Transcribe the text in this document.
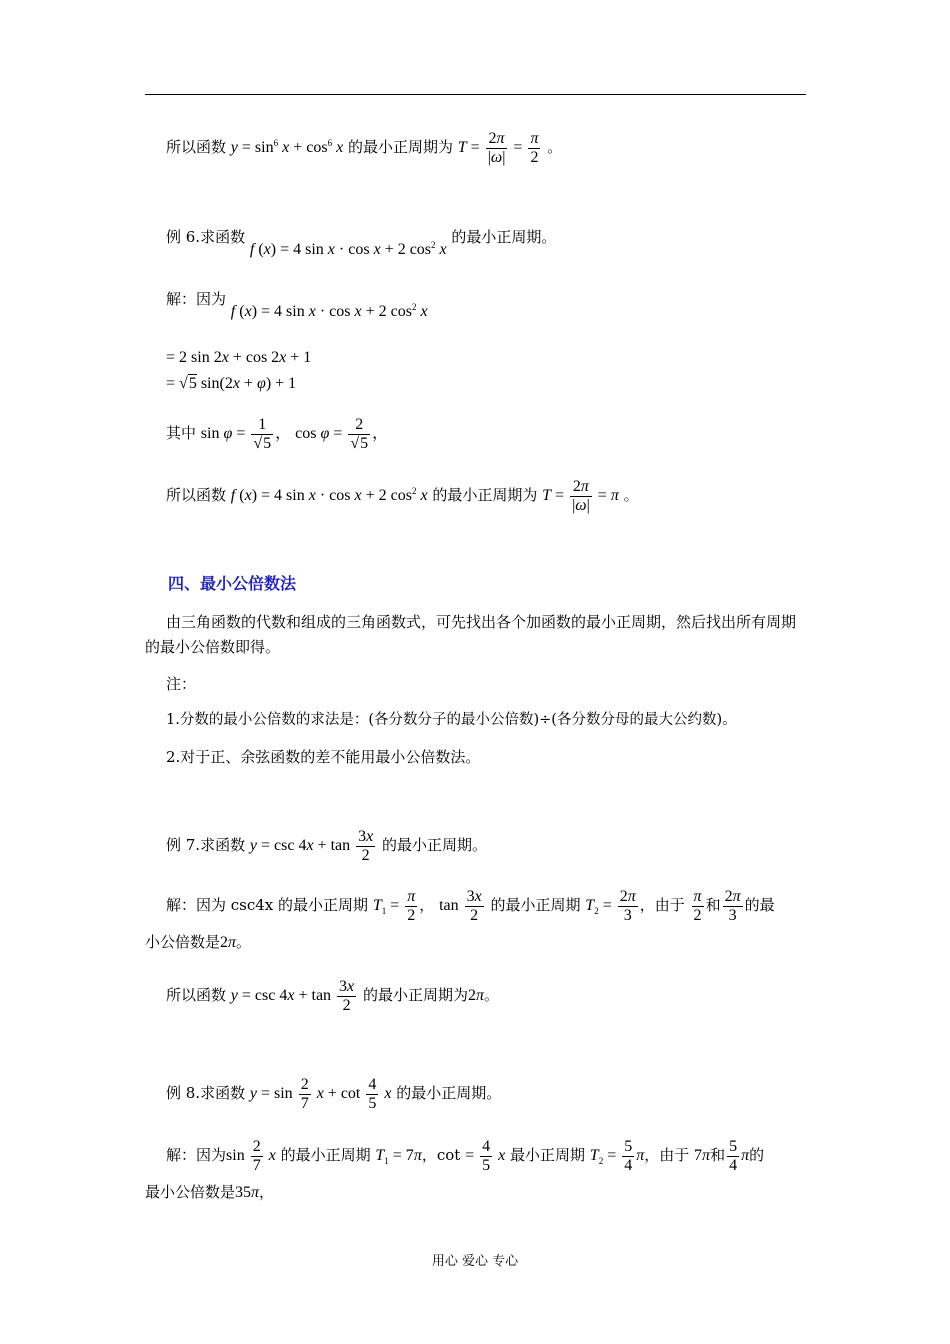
所以函数 $y = \sin^6 x + \cos^6 x$ 的最小正周期为 $T = \frac{2\pi}{|\omega|} = \frac{\pi}{2}$ 。
例 6.求函数 f (x) = 4 sin x · cos x + 2 $\cos^2 x$ 的最小正周期。
解：因为 f (x) = 4 sin x · cos x + 2 $\cos^2 x$
= 2 sin 2x + cos 2x + 1
= √5 sin(2x + φ) + 1
其中 $\sin \varphi = \frac{1}{√5}$ ， $\cos \varphi = \frac{2}{√5}$ ，
所以函数 f (x) = 4 sin x · cos x + 2 $\cos^2 x$ 的最小正周期为 $T = \frac{2\pi}{|\omega|} = \pi$ 。
四、最小公倍数法
由三角函数的代数和组成的三角函数式，可先找出各个加函数的最小正周期，然后找出所有周期的最小公倍数即得。
注：
1.分数的最小公倍数的求法是：(各分数分子的最小公倍数)÷(各分数分母的最大公约数)。
2.对于正、余弦函数的差不能用最小公倍数法。
例 7.求函数 $y = \csc 4x + \tan \frac{3x}{2}$ 的最小正周期。
解：因为 csc4x 的最小正周期 $T_1 = \frac{\pi}{2}$ ， $\tan \frac{3x}{2}$ 的最小正周期 $T_2 = \frac{2\pi}{3}$ ，由于 $\frac{\pi}{2}$ 和 $\frac{2\pi}{3}$ 的最
小公倍数是2π。
所以函数 $y = \csc 4x + \tan \frac{3x}{2}$ 的最小正周期为2π。
例 8.求函数 $y = \sin \frac{2}{7}$ $x + \cot \frac{4}{5}$ x 的最小正周期。
解：因为$\sin \frac{2}{7}$ x 的最小正周期 $T_1 = 7\pi$，$\cot = \frac{4}{5}$ x 最小正周期 $T_2 = \frac{5}{4}$ π，由于 7π和 $\frac{5}{4}$ π的
最小公倍数是35π，
用心 爱心 专心
